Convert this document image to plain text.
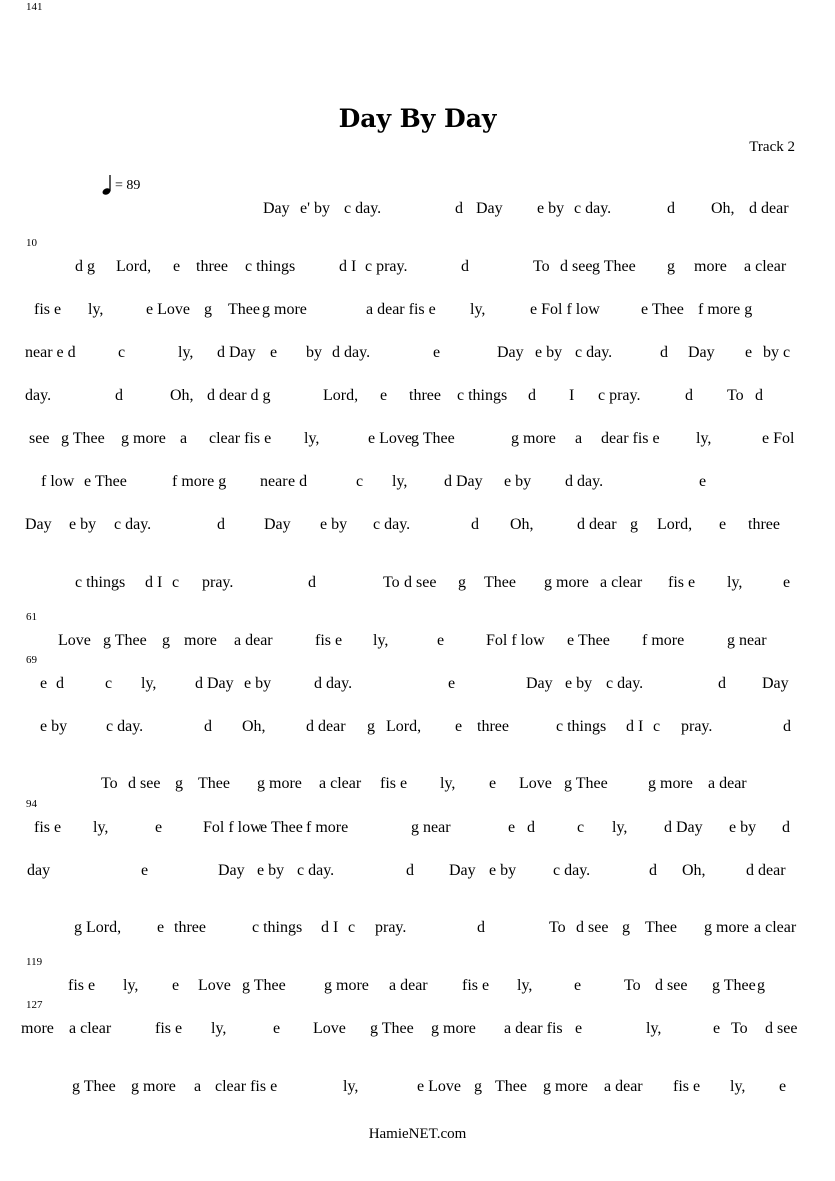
Day By Day
Track 2
= 89
Day e' by c day.	d Day e by c day.	d Oh, d dear
d g Lord, e three c things	d I c pray.	d	To d see g Thee g more a clear
fis e ly,	e Love g Thee g more	a dear fis e ly,	e Fol f low	e Thee f more g
near e d	c	ly, d Day e by d day.	e	Day e by c day.	d Day e by c
day.	d	Oh, d dear d g	Lord, e three c things d I c pray.	d To d
see g Thee g more a clear fis e ly,	e Love g Thee	g more a dear fis e ly,	e Fol
f low e Thee	f more g near e d	c ly, d Day e by d day.	e
Day e by c day.	d Day e by c day.	d Oh,	d dear g Lord, e three
c things d I c pray.	d	To d see g Thee g more a clear fis e ly,	e
Love g Thee g more a dear	fis e ly,	e	Fol f low e Thee f more	g near
e d	c ly, d Day e by	d day.	e	Day e by c day.	d Day
e by c day.	d Oh,	d dear g Lord, e three	c things d I c pray.	d
To d see g Thee g more a clear fis e ly, e Love g Thee	g more a dear
fis e ly,	e	Fol f low
e Thee f more	g near	e d	c ly, d Day e by d
day	e	Day e by c day.	d Day e by c day.	d Oh,	d dear
g Lord, e three	c things d I c pray.	d	To d see g Thee g more a clear
fis e ly, e Love g Thee g more a dear fis e ly,	e	To d see g Thee g
more a clear	fis e ly,	e Love g Thee g more a dear fis e	ly,	e To d see
g Thee g more a clear fis e	ly,	e Love g Thee g more a dear fis e ly, e
10
61
69
94
119
127
141
HamieNET.com
